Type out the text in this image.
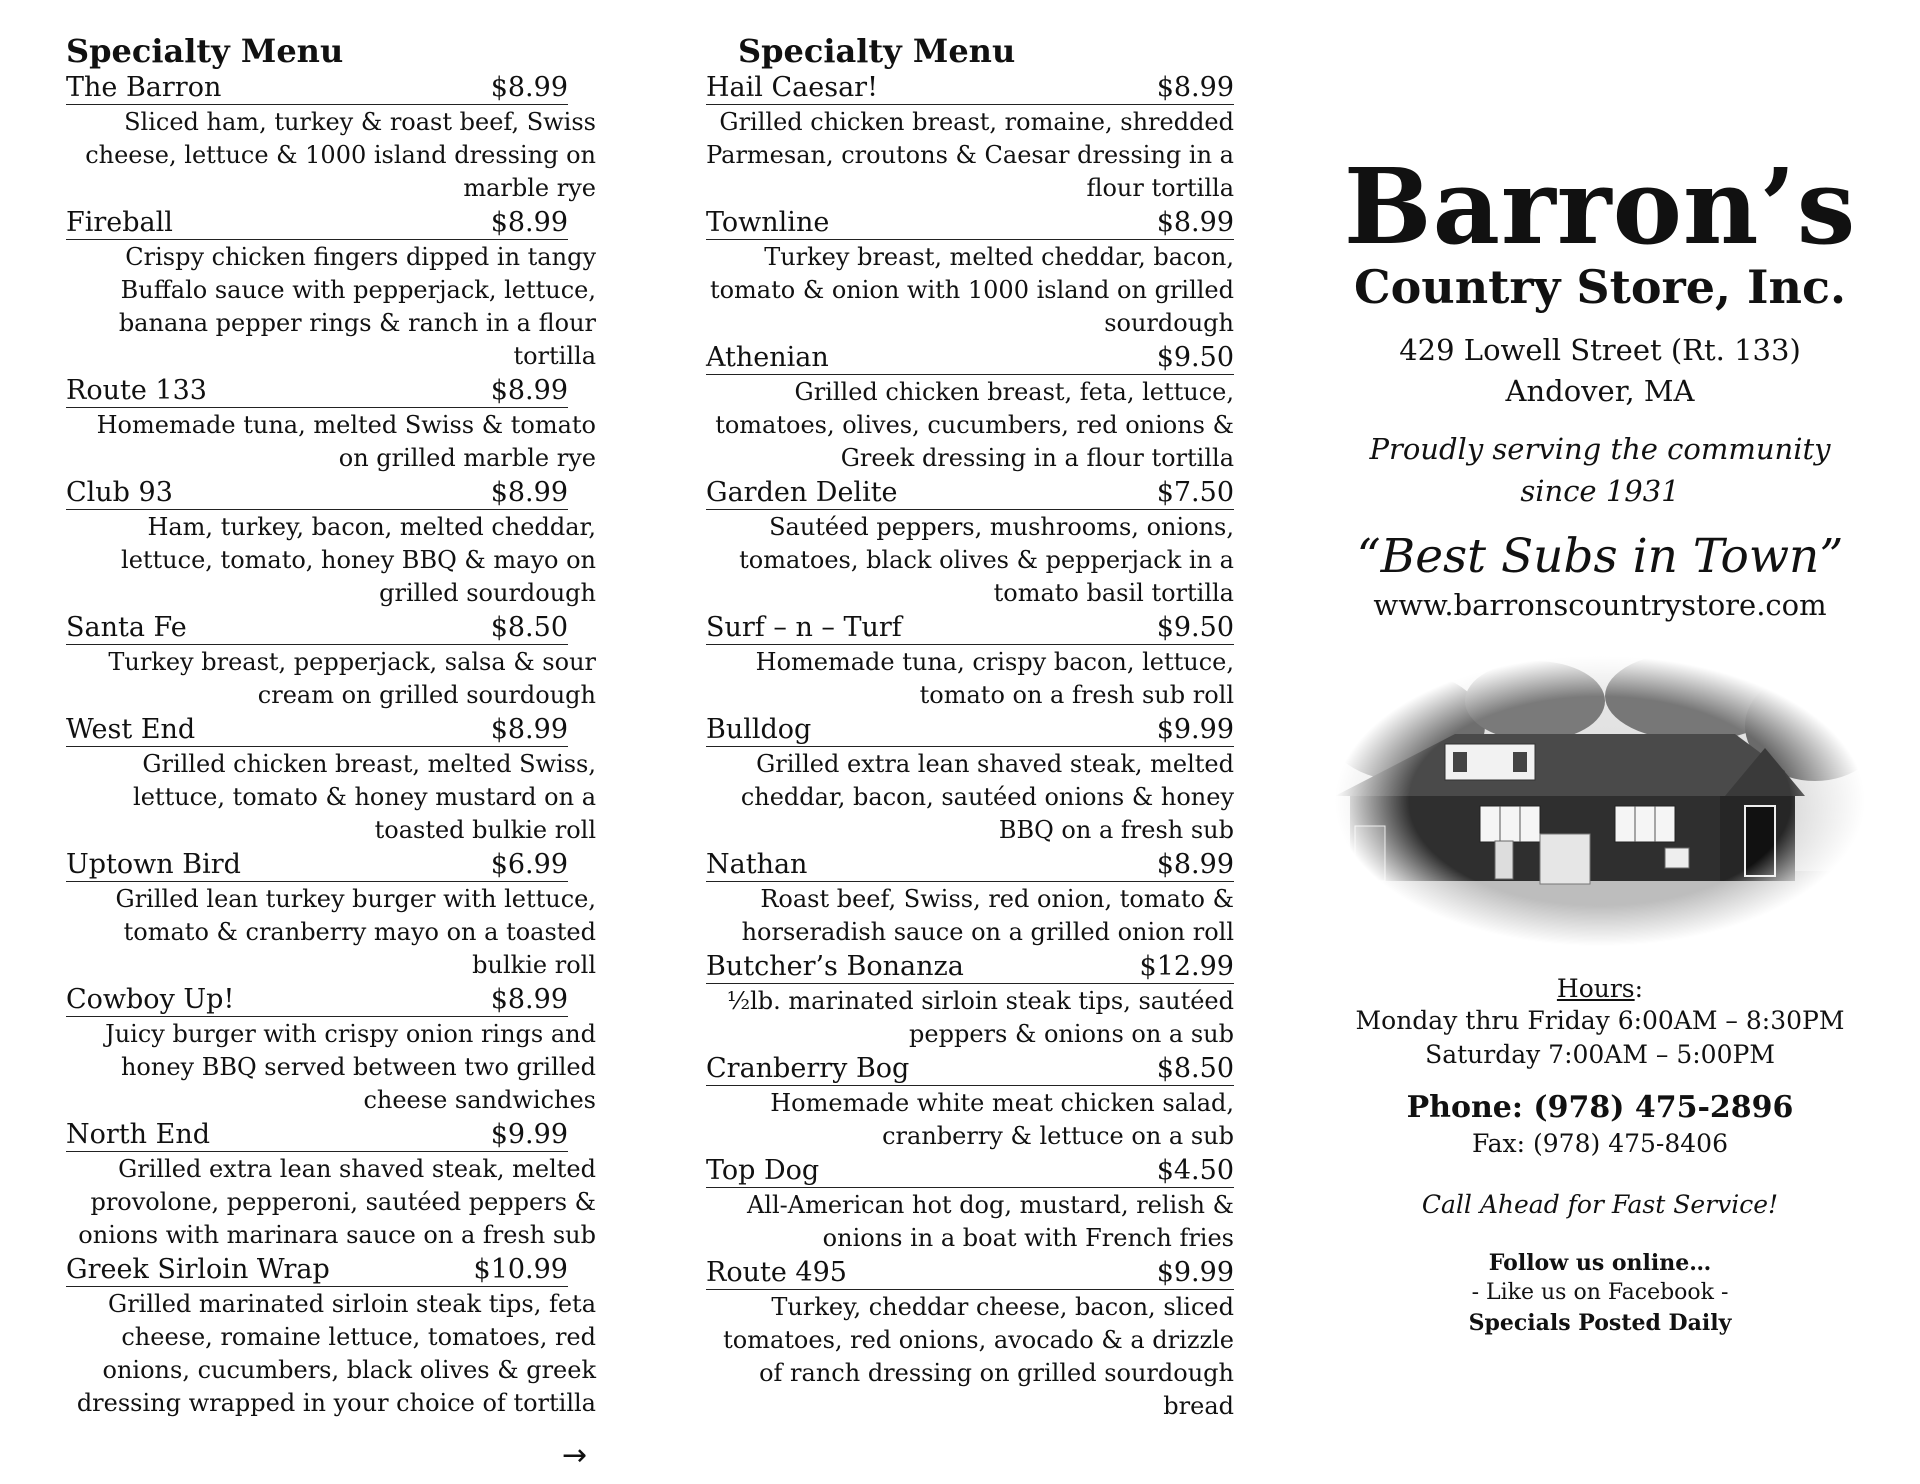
Specialty Menu
The Barron	$8.99
Sliced ham, turkey & roast beef, Swiss cheese, lettuce & 1000 island dressing on marble rye
Fireball	$8.99
Crispy chicken fingers dipped in tangy Buffalo sauce with pepperjack, lettuce, banana pepper rings & ranch in a flour tortilla
Route 133	$8.99
Homemade tuna, melted Swiss & tomato on grilled marble rye
Club 93	$8.99
Ham, turkey, bacon, melted cheddar, lettuce, tomato, honey BBQ & mayo on grilled sourdough
Santa Fe	$8.50
Turkey breast, pepperjack, salsa & sour cream on grilled sourdough
West End	$8.99
Grilled chicken breast, melted Swiss, lettuce, tomato & honey mustard on a toasted bulkie roll
Uptown Bird	$6.99
Grilled lean turkey burger with lettuce, tomato & cranberry mayo on a toasted bulkie roll
Cowboy Up!	$8.99
Juicy burger with crispy onion rings and honey BBQ served between two grilled cheese sandwiches
North End	$9.99
Grilled extra lean shaved steak, melted provolone, pepperoni, sautéed peppers & onions with marinara sauce on a fresh sub
Greek Sirloin Wrap	$10.99
Grilled marinated sirloin steak tips, feta cheese, romaine lettuce, tomatoes, red onions, cucumbers, black olives & greek dressing wrapped in your choice of tortilla
→
Specialty Menu
Hail Caesar!	$8.99
Grilled chicken breast, romaine, shredded Parmesan, croutons & Caesar dressing in a flour tortilla
Townline	$8.99
Turkey breast, melted cheddar, bacon, tomato & onion with 1000 island on grilled sourdough
Athenian	$9.50
Grilled chicken breast, feta, lettuce, tomatoes, olives, cucumbers, red onions & Greek dressing in a flour tortilla
Garden Delite	$7.50
Sautéed peppers, mushrooms, onions, tomatoes, black olives & pepperjack in a tomato basil tortilla
Surf – n – Turf	$9.50
Homemade tuna, crispy bacon, lettuce, tomato on a fresh sub roll
Bulldog	$9.99
Grilled extra lean shaved steak, melted cheddar, bacon, sautéed onions & honey BBQ on a fresh sub
Nathan	$8.99
Roast beef, Swiss, red onion, tomato & horseradish sauce on a grilled onion roll
Butcher’s Bonanza	$12.99
½lb. marinated sirloin steak tips, sautéed peppers & onions on a sub
Cranberry Bog	$8.50
Homemade white meat chicken salad, cranberry & lettuce on a sub
Top Dog	$4.50
All-American hot dog, mustard, relish & onions in a boat with French fries
Route 495	$9.99
Turkey, cheddar cheese, bacon, sliced tomatoes, red onions, avocado & a drizzle of ranch dressing on grilled sourdough bread
Barron’s
Country Store, Inc.
429 Lowell Street (Rt. 133)
Andover, MA
Proudly serving the community
since 1931
“Best Subs in Town”
www.barronscountrystore.com
Hours:
Monday thru Friday 6:00AM – 8:30PM
Saturday 7:00AM – 5:00PM
Phone: (978) 475-2896
Fax: (978) 475-8406
Call Ahead for Fast Service!
Follow us online…
- Like us on Facebook -
Specials Posted Daily
